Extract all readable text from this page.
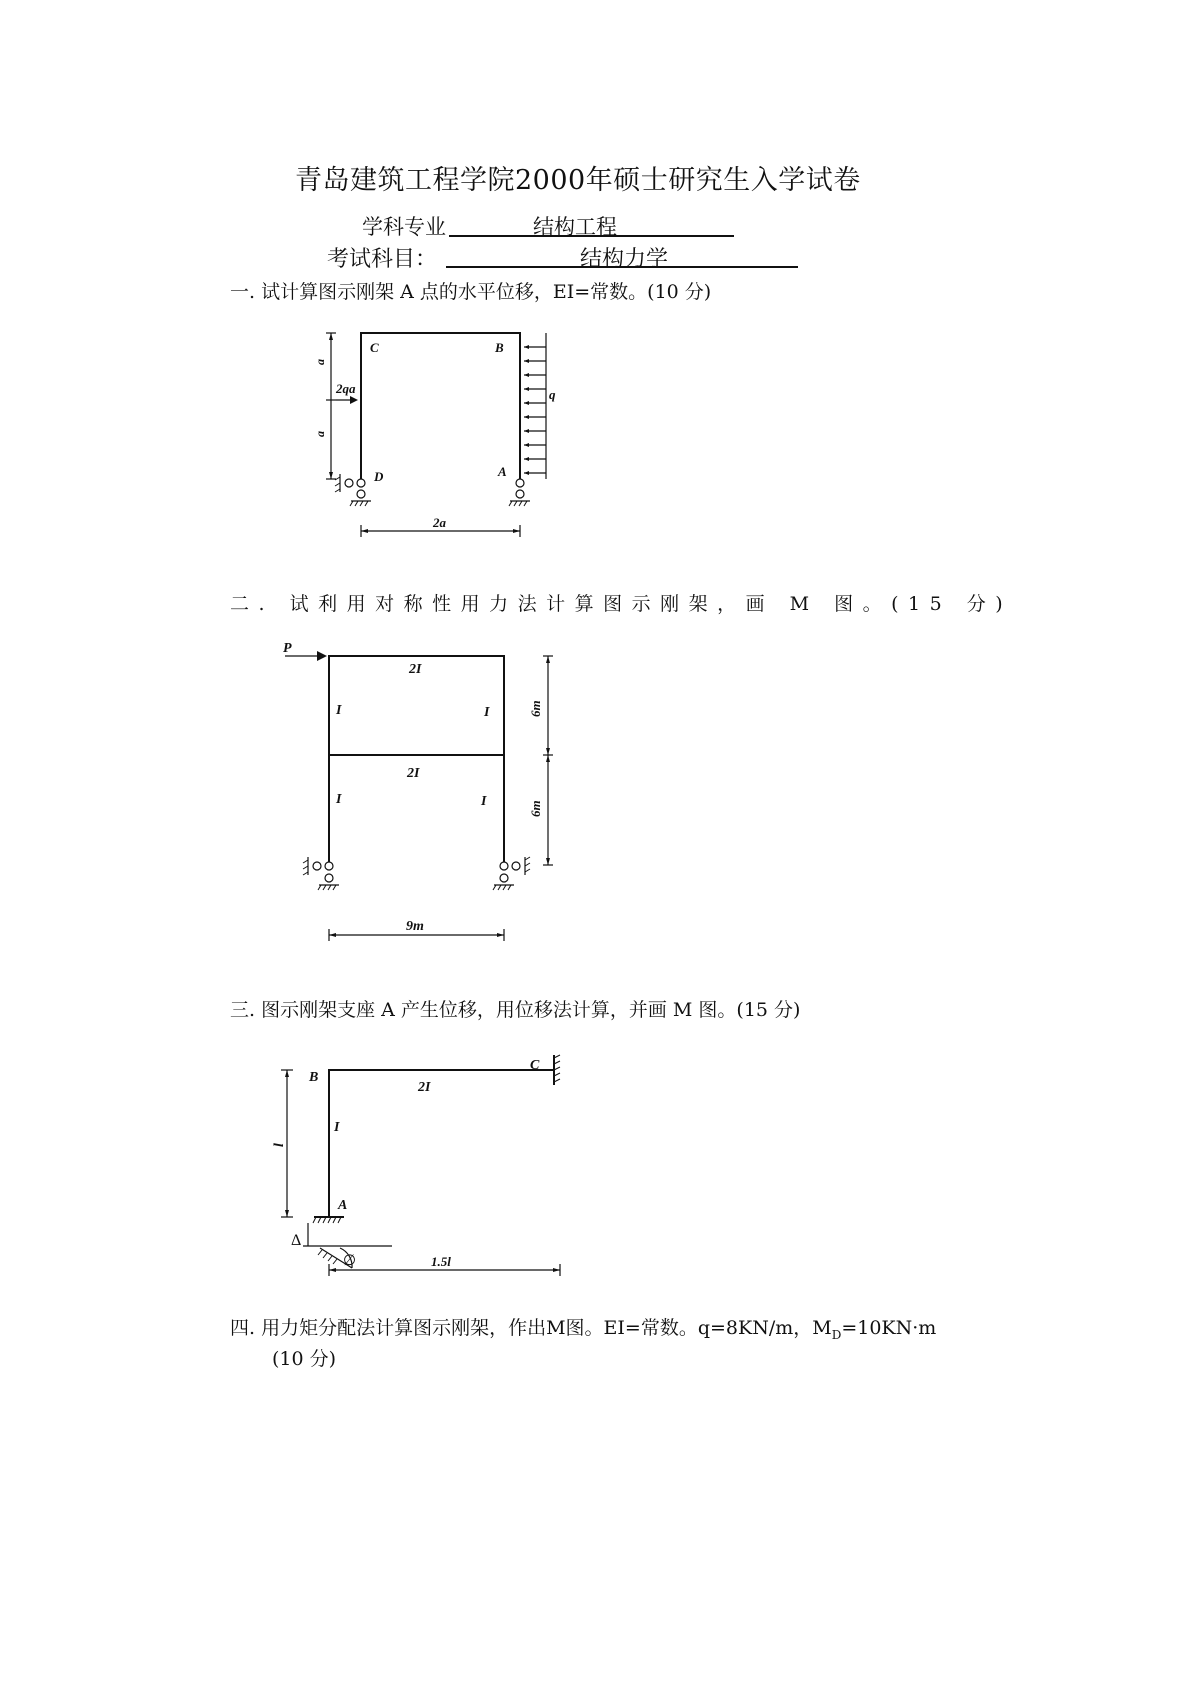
青岛建筑工程学院2000年硕士研究生入学试卷
学科专业	结构工程
考试科目：	结构力学
一. 试计算图示刚架 A 点的水平位移，EI=常数。(10 分)
C	B
D	A
q
2qa
a
a
2a
二. 试利用对称性用力法计算图示刚架，画 M 图。(15 分)
P
2I
2I
I	I
I	I
6m
6m
9m
三. 图示刚架支座 A 产生位移，用位移法计算，并画 M 图。(15 分)
B
C
A
2I
I
l
1.5l
Δ
∅
四. 用力矩分配法计算图示刚架，作出M图。EI=常数。q=8KN/m，$M_D=10KN\cdot m$
(10 分)
